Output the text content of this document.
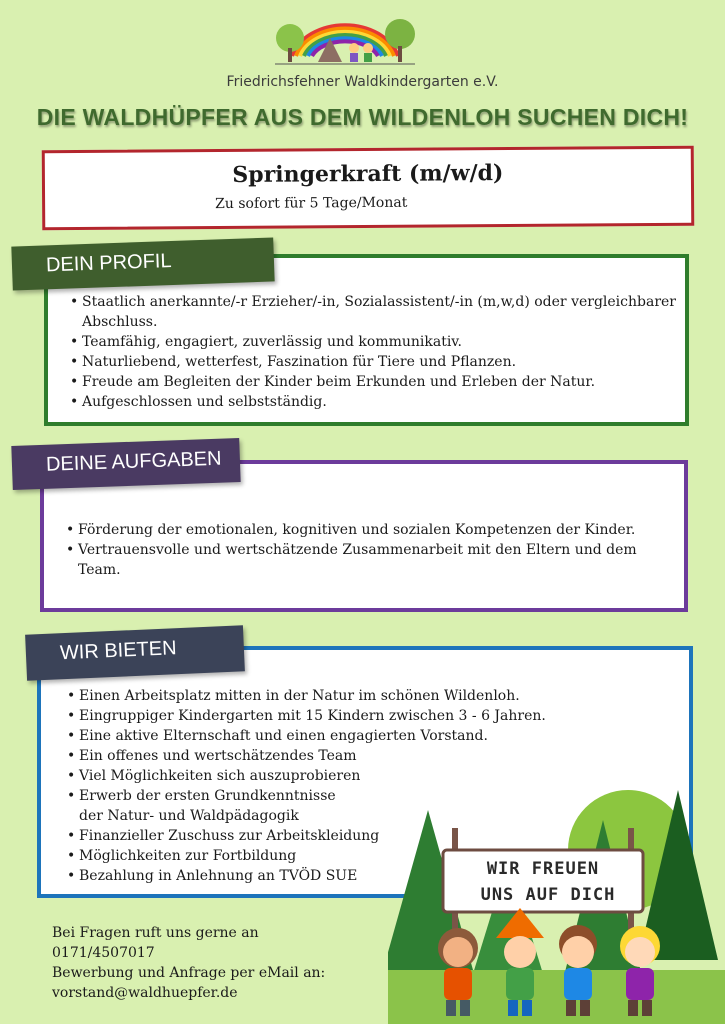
Friedrichsfehner Waldkindergarten e.V.
DIE WALDHÜPFER AUS DEM WILDENLOH SUCHEN DICH!
Springerkraft (m/w/d)
Zu sofort für 5 Tage/Monat
DEIN PROFIL
• Staatlich anerkannte/-r Erzieher/-in, Sozialassistent/-in (m,w,d) oder vergleichbarer Abschluss.
• Teamfähig, engagiert, zuverlässig und kommunikativ.
• Naturliebend, wetterfest, Faszination für Tiere und Pflanzen.
• Freude am Begleiten der Kinder beim Erkunden und Erleben der Natur.
• Aufgeschlossen und selbstständig.
DEINE AUFGABEN
• Förderung der emotionalen, kognitiven und sozialen Kompetenzen der Kinder.
• Vertrauensvolle und wertschätzende Zusammenarbeit mit den Eltern und dem Team.
WIR BIETEN
• Einen Arbeitsplatz mitten in der Natur im schönen Wildenloh.
• Eingruppiger Kindergarten mit 15 Kindern zwischen 3 - 6 Jahren.
• Eine aktive Elternschaft und einen engagierten Vorstand.
• Ein offenes und wertschätzendes Team
• Viel Möglichkeiten sich auszuprobieren
• Erwerb der ersten Grundkenntnisse der Natur- und Waldpädagogik
• Finanzieller Zuschuss zur Arbeitskleidung
• Möglichkeiten zur Fortbildung
• Bezahlung in Anlehnung an TVÖD SUE
Bei Fragen ruft uns gerne an
0171/4507017
Bewerbung und Anfrage per eMail an:
vorstand@waldhuepfer.de
WIR FREUEN
UNS AUF DICH
